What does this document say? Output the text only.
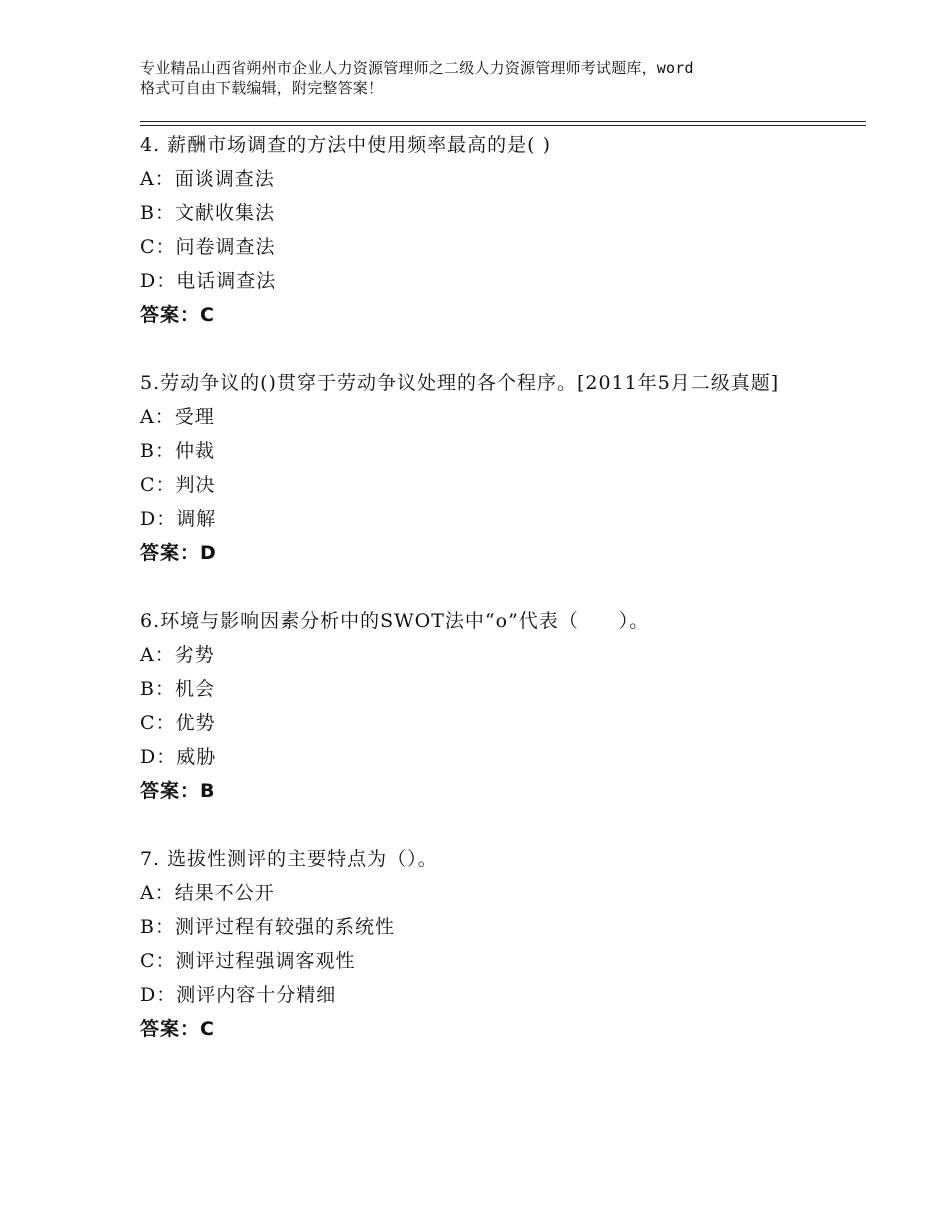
专业精品山西省朔州市企业人力资源管理师之二级人力资源管理师考试题库，word
格式可自由下载编辑，附完整答案！
4. 薪酬市场调查的方法中使用频率最高的是( )
A：面谈调查法
B：文献收集法
C：问卷调查法
D：电话调查法
答案：C
5.劳动争议的()贯穿于劳动争议处理的各个程序。[2011年5月二级真题]
A：受理
B：仲裁
C：判决
D：调解
答案：D
6.环境与影响因素分析中的SWOT法中“o”代表（　　）。
A：劣势
B：机会
C：优势
D：威胁
答案：B
7. 选拔性测评的主要特点为（）。
A：结果不公开
B：测评过程有较强的系统性
C：测评过程强调客观性
D：测评内容十分精细
答案：C
